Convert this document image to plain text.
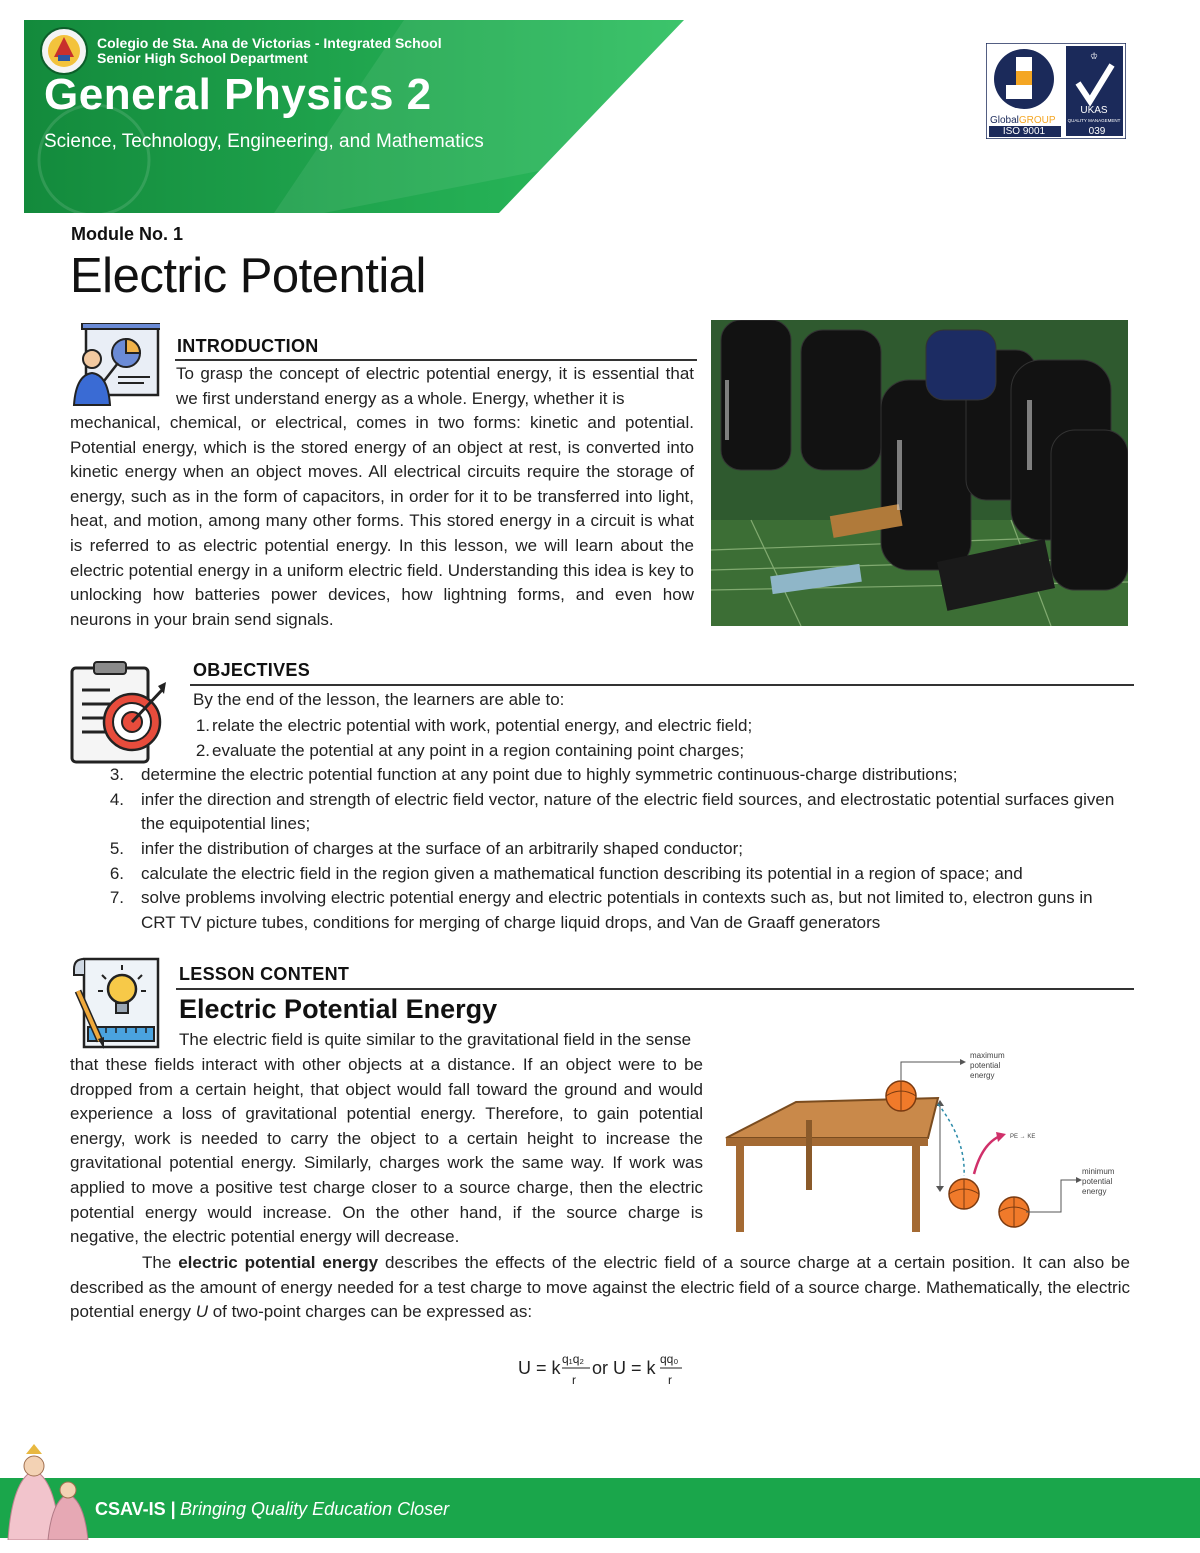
Colegio de Sta. Ana de Victorias - Integrated School
Senior High School Department
General Physics 2
Science, Technology, Engineering, and Mathematics
♔
UKAS
QUALITY MANAGEMENT
GlobalGROUP
ISO 9001	039
Module No. 1
Electric Potential
INTRODUCTION
To grasp the concept of electric potential energy, it is essential that we first understand energy as a whole. Energy, whether it is
mechanical, chemical, or electrical, comes in two forms: kinetic and potential. Potential energy, which is the stored energy of an object at rest, is converted into kinetic energy when an object moves. All electrical circuits require the storage of energy, such as in the form of capacitors, in order for it to be transferred into light, heat, and motion, among many other forms. This stored energy in a circuit is what is referred to as electric potential energy. In this lesson, we will learn about the electric potential energy in a uniform electric field. Understanding this idea is key to unlocking how batteries power devices, how lightning forms, and even how neurons in your brain send signals.
OBJECTIVES
By the end of the lesson, the learners are able to:
1. relate the electric potential with work, potential energy, and electric field;
2. evaluate the potential at any point in a region containing point charges;
3. determine the electric potential function at any point due to highly symmetric continuous-charge distributions;
4. infer the direction and strength of electric field vector, nature of the electric field sources, and electrostatic potential surfaces given the equipotential lines;
5. infer the distribution of charges at the surface of an arbitrarily shaped conductor;
6. calculate the electric field in the region given a mathematical function describing its potential in a region of space; and
7. solve problems involving electric potential energy and electric potentials in contexts such as, but not limited to, electron guns in CRT TV picture tubes, conditions for merging of charge liquid drops, and Van de Graaff generators
LESSON CONTENT
Electric Potential Energy
The electric field is quite similar to the gravitational field in the sense
that these fields interact with other objects at a distance. If an object were to be dropped from a certain height, that object would fall toward the ground and would experience a loss of gravitational potential energy. Therefore, to gain potential energy, work is needed to carry the object to a certain height to increase the gravitational potential energy. Similarly, charges work the same way. If work was applied to move a positive test charge closer to a source charge, then the electric potential energy would increase. On the other hand, if the source charge is negative, the electric potential energy will decrease.
The electric potential energy describes the effects of the electric field of a source charge at a certain position. It can also be described as the amount of energy needed for a test charge to move against the electric field of a source charge. Mathematically, the electric potential energy U of two-point charges can be expressed as:
maximum
potential
energy
minimum
potential
energy
PE → KE
U = k q₁q₂
r
or U = k qq₀
r
CSAV-IS | Bringing Quality Education Closer
